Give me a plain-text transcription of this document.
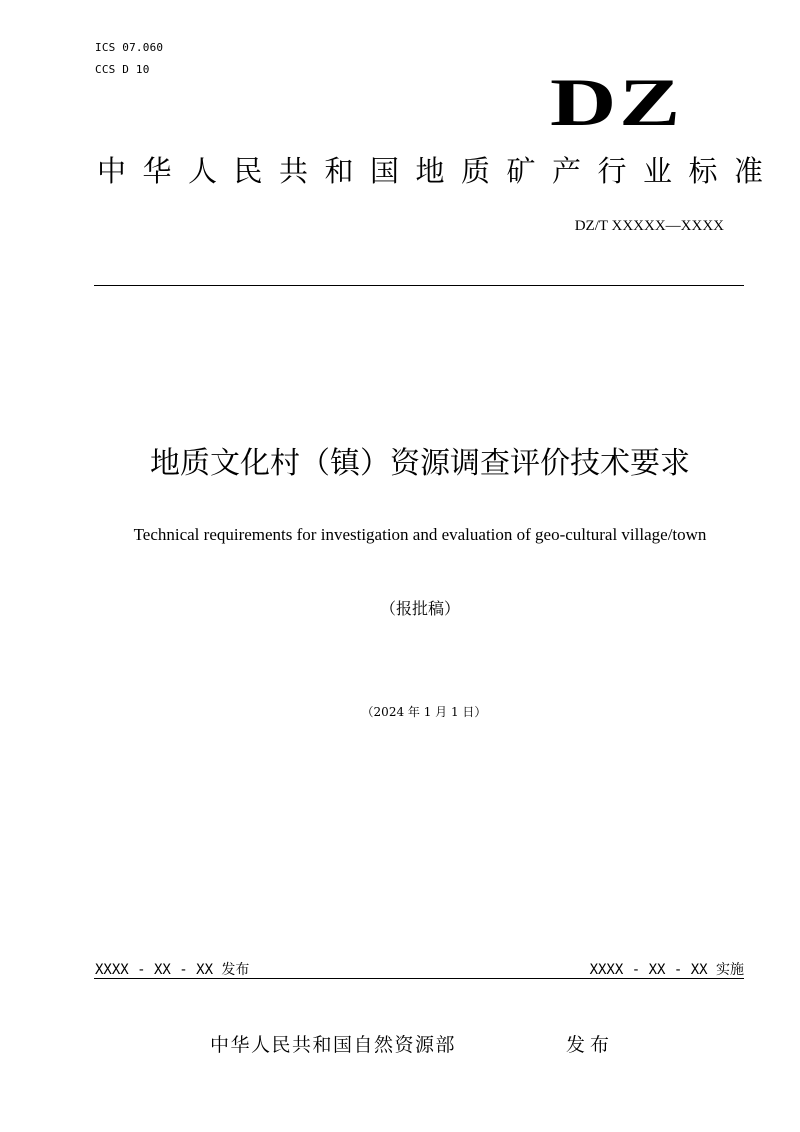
ICS 07.060
CCS D 10	DZ
中华人民共和国地质矿产行业标准
DZ/T XXXXX—XXXX
地质文化村（镇）资源调查评价技术要求
Technical requirements for investigation and evaluation of geo-cultural village/town
（报批稿）
（2024 年 1 月 1 日）
XXXX - XX - XX 发布	XXXX - XX - XX 实施
中华人民共和国自然资源部	发布
